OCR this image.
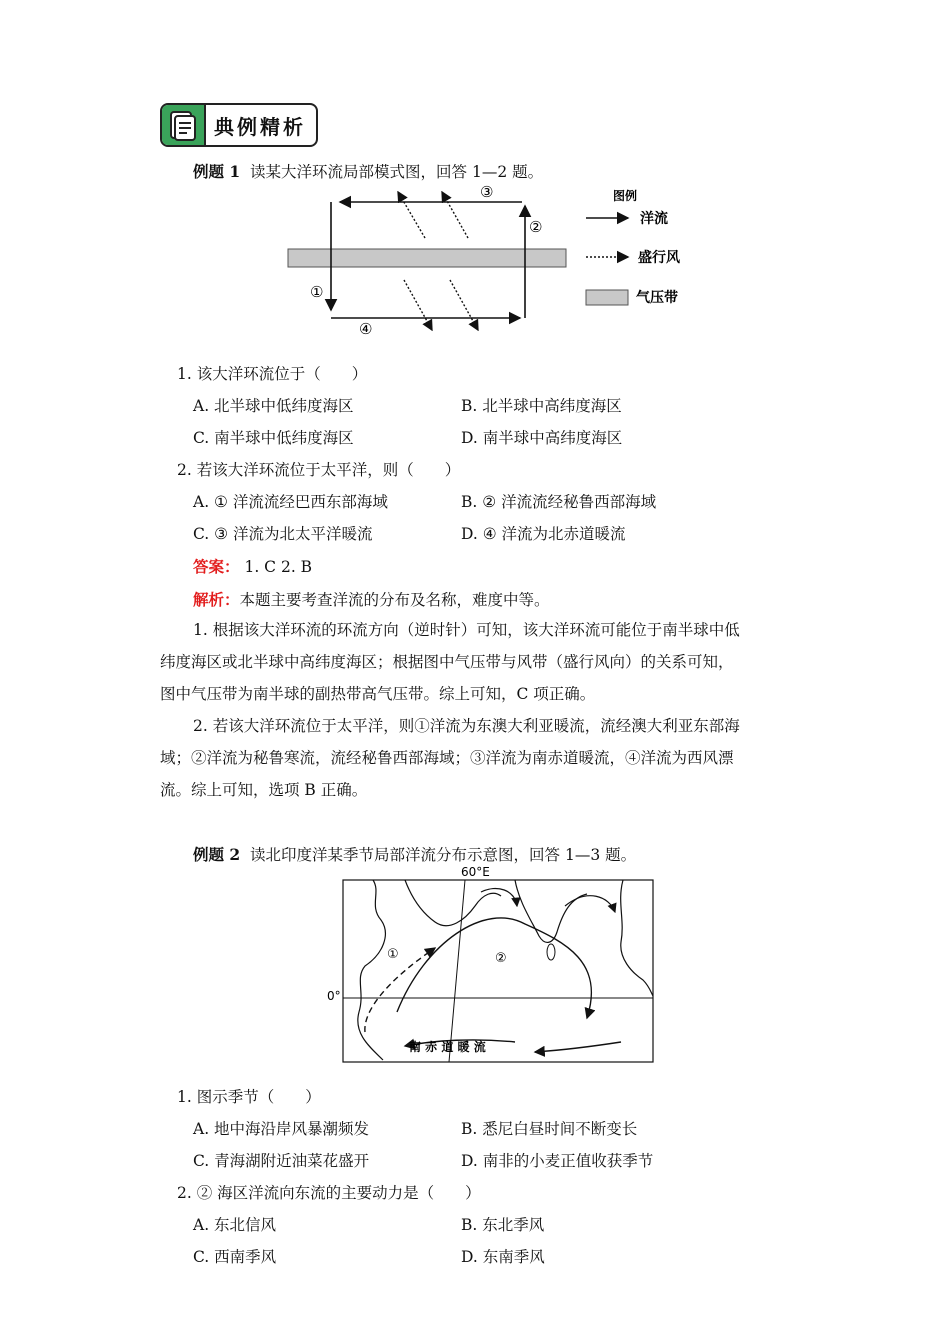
典例精析
例题 1 读某大洋环流局部模式图，回答 1—2 题。
①
②
③
④
图例
洋流
盛行风
气压带
1. 该大洋环流位于（　　）
A. 北半球中低纬度海区	B. 北半球中高纬度海区
C. 南半球中低纬度海区	D. 南半球中高纬度海区
2. 若该大洋环流位于太平洋，则（　　）
A. ① 洋流流经巴西东部海域	B. ② 洋流流经秘鲁西部海域
C. ③ 洋流为北太平洋暖流	D. ④ 洋流为北赤道暖流
答案： 1. C 2. B
解析：本题主要考查洋流的分布及名称，难度中等。
1. 根据该大洋环流的环流方向（逆时针）可知，该大洋环流可能位于南半球中低
纬度海区或北半球中高纬度海区；根据图中气压带与风带（盛行风向）的关系可知，
图中气压带为南半球的副热带高气压带。综上可知，C 项正确。
2. 若该大洋环流位于太平洋，则①洋流为东澳大利亚暖流，流经澳大利亚东部海
域；②洋流为秘鲁寒流，流经秘鲁西部海域；③洋流为南赤道暖流，④洋流为西风漂
流。综上可知，选项 B 正确。
例题 2 读北印度洋某季节局部洋流分布示意图，回答 1—3 题。
60°E
0°
南 赤 道 暖 流
①	②
1. 图示季节（　　）
A. 地中海沿岸风暴潮频发	B. 悉尼白昼时间不断变长
C. 青海湖附近油菜花盛开	D. 南非的小麦正值收获季节
2. ② 海区洋流向东流的主要动力是（　　）
A. 东北信风	B. 东北季风
C. 西南季风	D. 东南季风
